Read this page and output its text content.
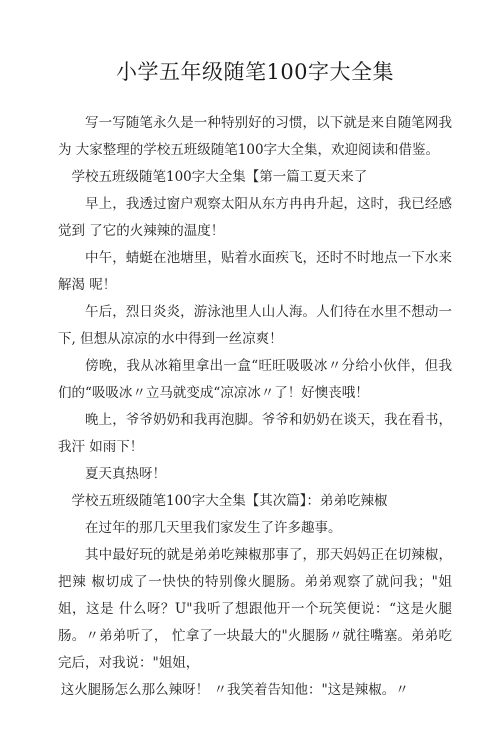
小学五年级随笔100字大全集

写一写随笔永久是一种特别好的习惯，以下就是来自随笔网我为 大家整理的学校五班级随笔100字大全集，欢迎阅读和借鉴。

学校五班级随笔100字大全集【第一篇工夏天来了

早上，我透过窗户观察太阳从东方冉冉升起，这时，我已经感觉到 了它的火辣辣的温度！

中午，蜻蜓在池塘里，贴着水面疾飞，还时不时地点一下水来解渴 呢！

午后，烈日炎炎，游泳池里人山人海。人们待在水里不想动一下, 但想从凉凉的水中得到一丝凉爽！

傍晚，我从冰箱里拿出一盒“旺旺吸吸冰〃分给小伙伴，但我们的“吸吸冰〃立马就变成“凉凉冰〃了！好懊丧哦！

晚上，爷爷奶奶和我再泡脚。爷爷和奶奶在谈天，我在看书，我汗 如雨下！

夏天真热呀！

学校五班级随笔100字大全集【其次篇】：弟弟吃辣椒

在过年的那几天里我们家发生了许多趣事。

其中最好玩的就是弟弟吃辣椒那事了，那天妈妈正在切辣椒，把辣 椒切成了一快快的特别像火腿肠。弟弟观察了就问我；"姐姐，这是 什么呀？U"我听了想跟他开一个玩笑便说：“这是火腿肠。〃弟弟听了， 忙拿了一块最大的"火腿肠〃就往嘴塞。弟弟吃完后，对我说："姐姐，

这火腿肠怎么那么辣呀！ 〃我笑着告知他："这是辣椒。〃
